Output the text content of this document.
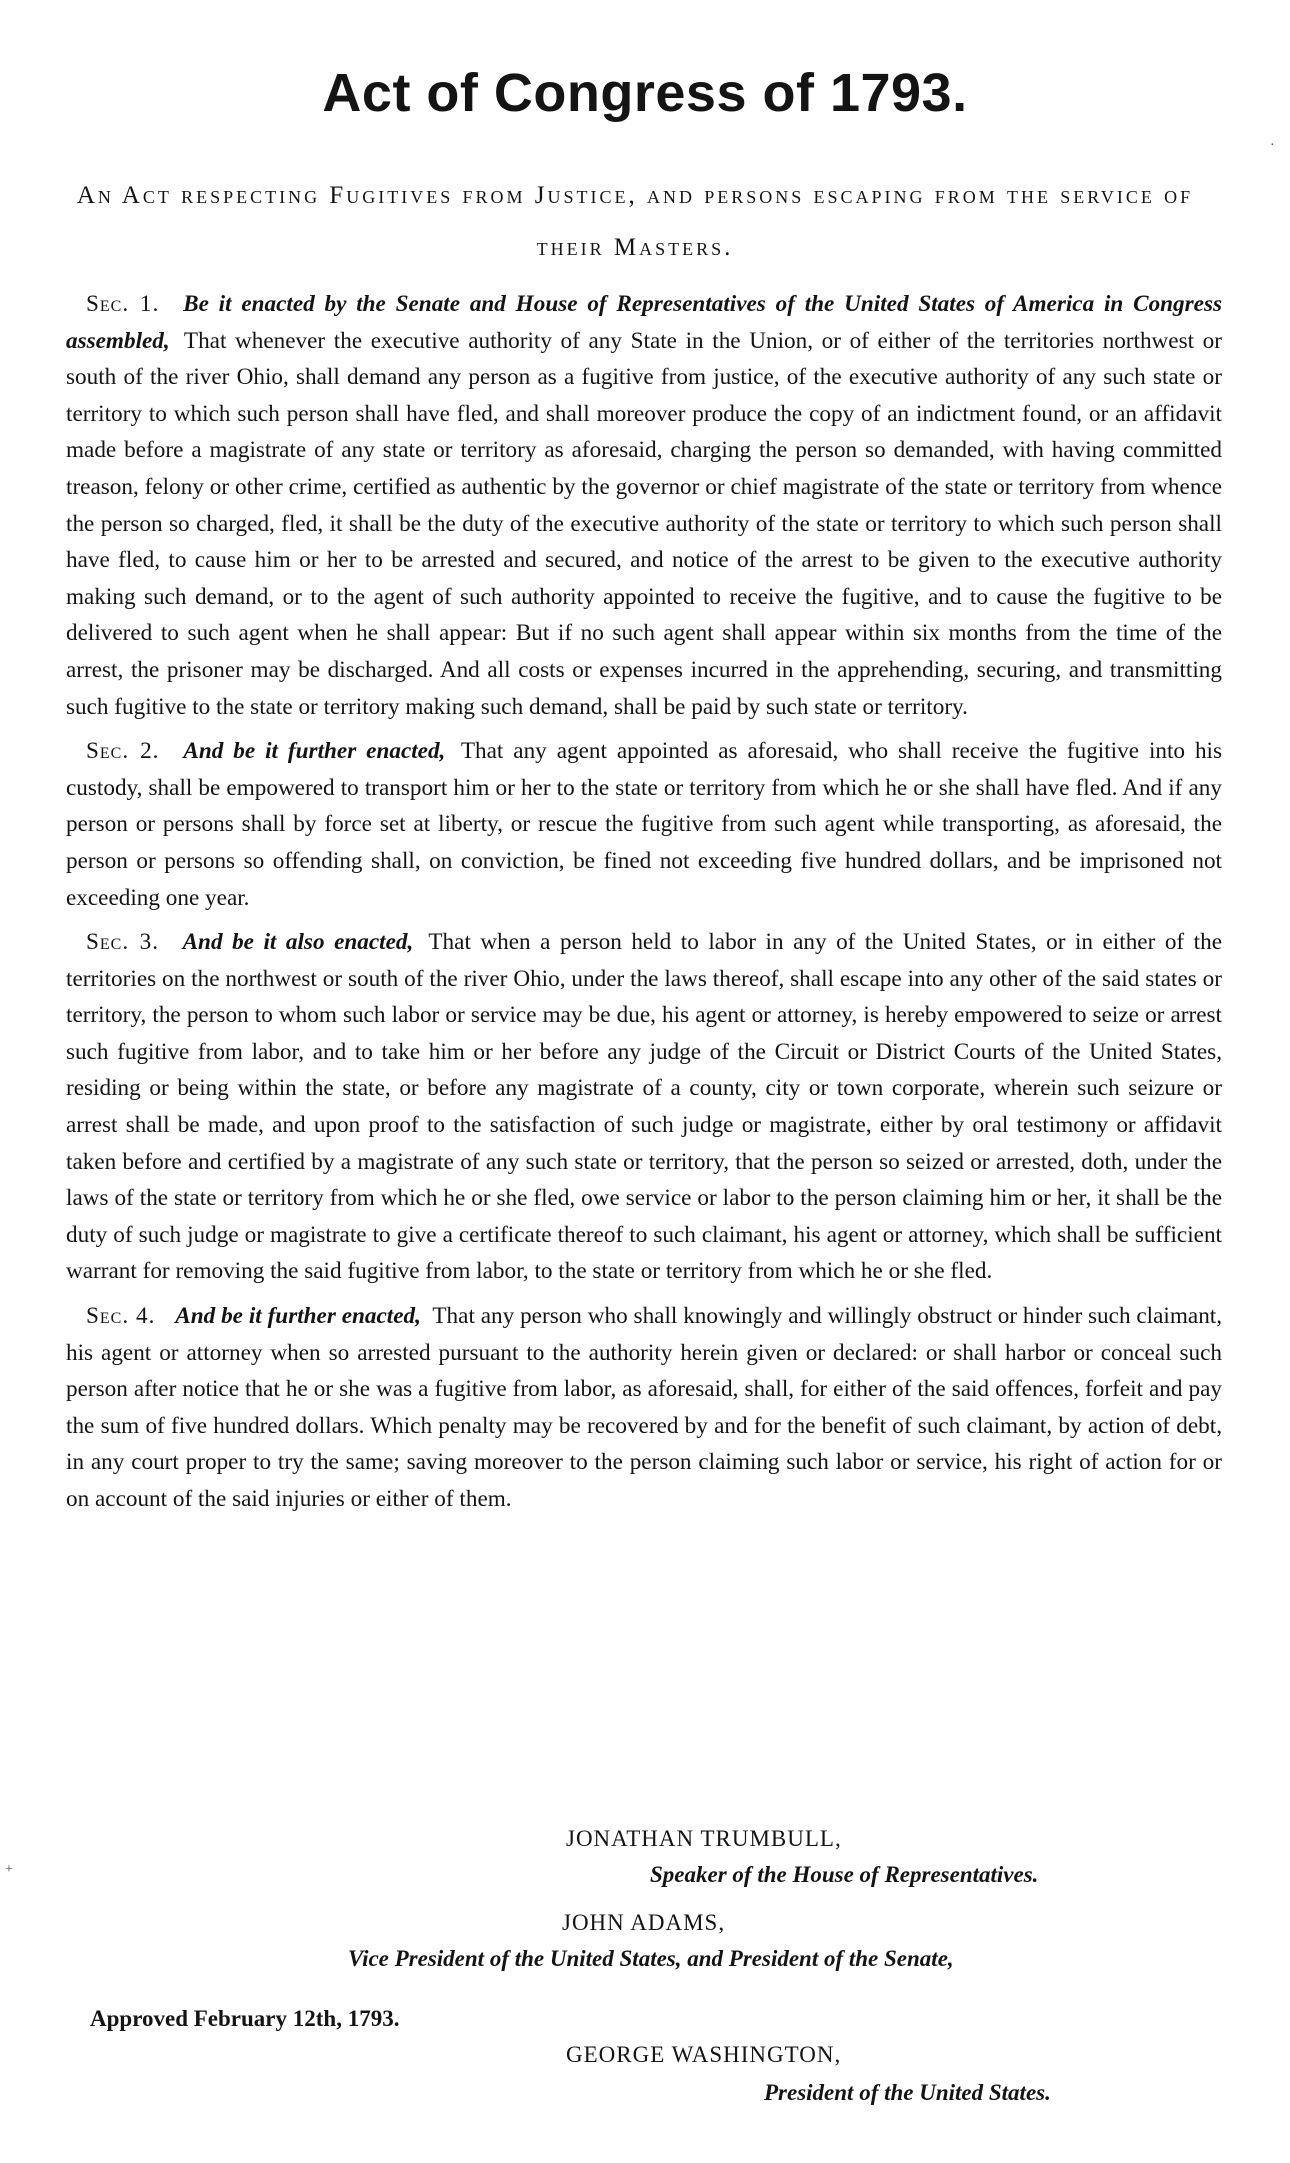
Act of Congress of 1793.

An Act respecting Fugitives from Justice, and persons escaping from the service of their Masters.

Sec. 1. Be it enacted by the Senate and House of Representatives of the United States of America in Congress assembled, That whenever the executive authority of any State in the Union, or of either of the territories northwest or south of the river Ohio, shall demand any person as a fugitive from justice, of the executive authority of any such state or territory to which such person shall have fled, and shall moreover produce the copy of an indictment found, or an affidavit made before a magistrate of any state or territory as aforesaid, charging the person so demanded, with having committed treason, felony or other crime, certified as authentic by the governor or chief magistrate of the state or territory from whence the person so charged, fled, it shall be the duty of the executive authority of the state or territory to which such person shall have fled, to cause him or her to be arrested and secured, and notice of the arrest to be given to the executive authority making such demand, or to the agent of such authority appointed to receive the fugitive, and to cause the fugitive to be delivered to such agent when he shall appear: But if no such agent shall appear within six months from the time of the arrest, the prisoner may be discharged. And all costs or expenses incurred in the apprehending, securing, and transmitting such fugitive to the state or territory making such demand, shall be paid by such state or territory.

Sec. 2. And be it further enacted, That any agent appointed as aforesaid, who shall receive the fugitive into his custody, shall be empowered to transport him or her to the state or territory from which he or she shall have fled. And if any person or persons shall by force set at liberty, or rescue the fugitive from such agent while transporting, as aforesaid, the person or persons so offending shall, on conviction, be fined not exceeding five hundred dollars, and be imprisoned not exceeding one year.

Sec. 3. And be it also enacted, That when a person held to labor in any of the United States, or in either of the territories on the northwest or south of the river Ohio, under the laws thereof, shall escape into any other of the said states or territory, the person to whom such labor or service may be due, his agent or attorney, is hereby empowered to seize or arrest such fugitive from labor, and to take him or her before any judge of the Circuit or District Courts of the United States, residing or being within the state, or before any magistrate of a county, city or town corporate, wherein such seizure or arrest shall be made, and upon proof to the satisfaction of such judge or magistrate, either by oral testimony or affidavit taken before and certified by a magistrate of any such state or territory, that the person so seized or arrested, doth, under the laws of the state or territory from which he or she fled, owe service or labor to the person claiming him or her, it shall be the duty of such judge or magistrate to give a certificate thereof to such claimant, his agent or attorney, which shall be sufficient warrant for removing the said fugitive from labor, to the state or territory from which he or she fled.

Sec. 4. And be it further enacted, That any person who shall knowingly and willingly obstruct or hinder such claimant, his agent or attorney when so arrested pursuant to the authority herein given or declared: or shall harbor or conceal such person after notice that he or she was a fugitive from labor, as aforesaid, shall, for either of the said offences, forfeit and pay the sum of five hundred dollars. Which penalty may be recovered by and for the benefit of such claimant, by action of debt, in any court proper to try the same; saving moreover to the person claiming such labor or service, his right of action for or on account of the said injuries or either of them.

JONATHAN TRUMBULL,

Speaker of the House of Representatives.

JOHN ADAMS,

Vice President of the United States, and President of the Senate,

Approved February 12th, 1793.

GEORGE WASHINGTON,

President of the United States.

·
+
